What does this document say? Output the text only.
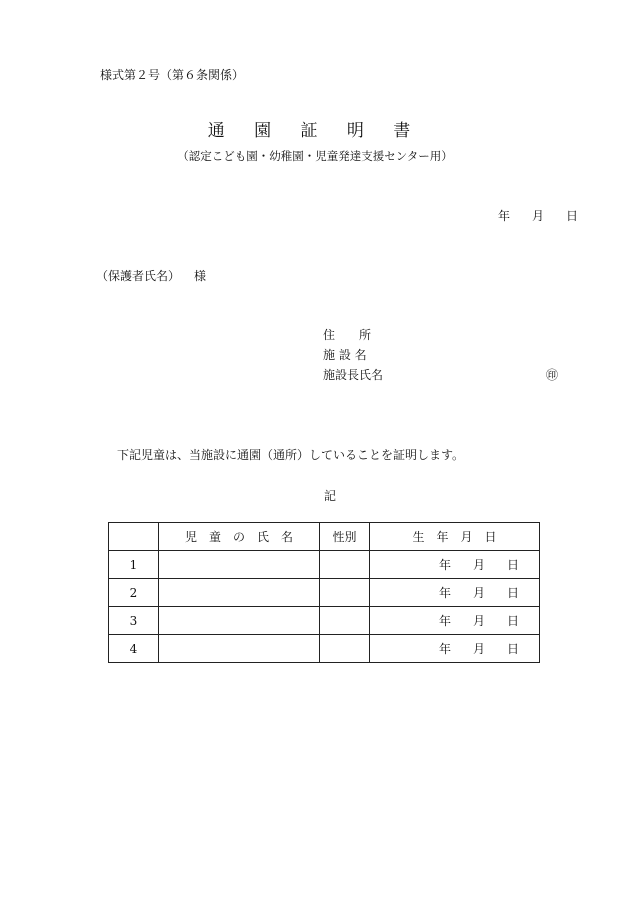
様式第２号（第６条関係）
通 園 証 明 書
（認定こども園・幼稚園・児童発達支援センター用）
年 月 日
（保護者氏名） 様
住　　所
施 設 名
施設長氏名	㊞
下記児童は、当施設に通園（通所）していることを証明します。
記
	児　童　の　氏　名	性別	生　年　月　日
1			年 月 日
2			年 月 日
3			年 月 日
4			年 月 日
